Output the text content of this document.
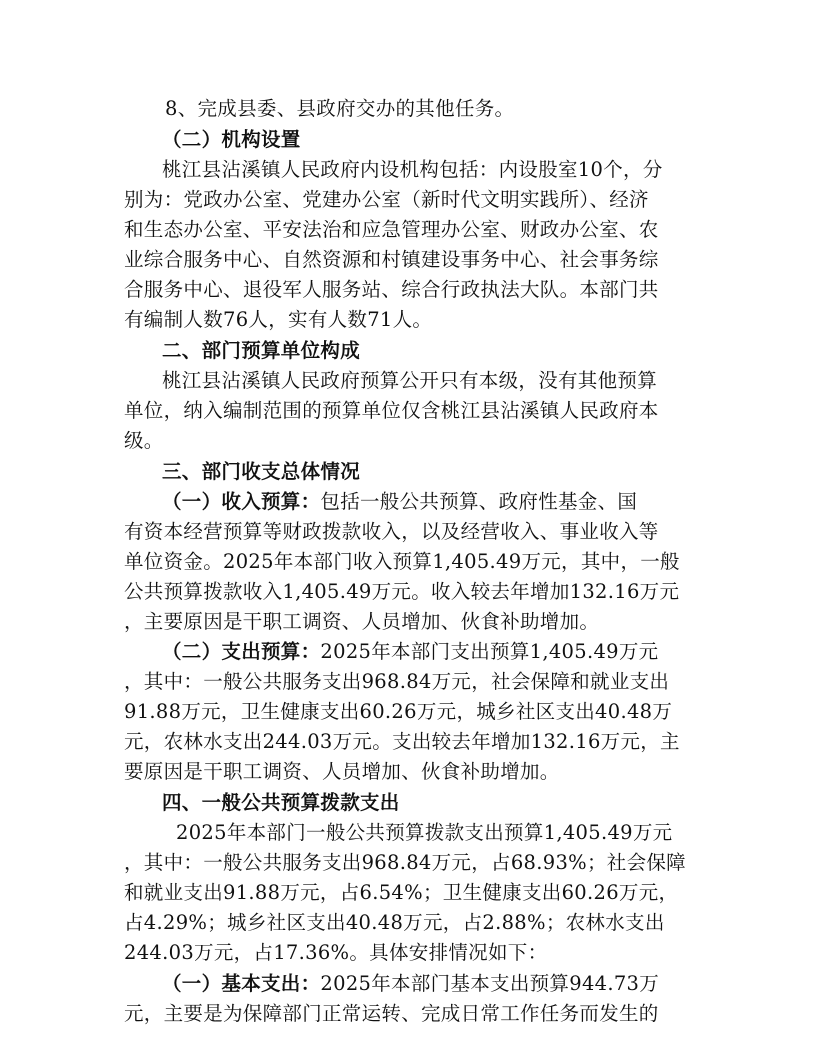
8、完成县委、县政府交办的其他任务。
（二）机构设置
桃江县沾溪镇人民政府内设机构包括：内设股室10个，分
别为：党政办公室、党建办公室（新时代文明实践所）、经济
和生态办公室、平安法治和应急管理办公室、财政办公室、农
业综合服务中心、自然资源和村镇建设事务中心、社会事务综
合服务中心、退役军人服务站、综合行政执法大队。本部门共
有编制人数76人，实有人数71人。
二、部门预算单位构成
桃江县沾溪镇人民政府预算公开只有本级，没有其他预算
单位，纳入编制范围的预算单位仅含桃江县沾溪镇人民政府本
级。
三、部门收支总体情况
（一）收入预算：包括一般公共预算、政府性基金、国
有资本经营预算等财政拨款收入，以及经营收入、事业收入等
单位资金。2025年本部门收入预算1,405.49万元，其中，一般
公共预算拨款收入1,405.49万元。收入较去年增加132.16万元
，主要原因是干职工调资、人员增加、伙食补助增加。
（二）支出预算：2025年本部门支出预算1,405.49万元
，其中：一般公共服务支出968.84万元，社会保障和就业支出
91.88万元，卫生健康支出60.26万元，城乡社区支出40.48万
元，农林水支出244.03万元。支出较去年增加132.16万元，主
要原因是干职工调资、人员增加、伙食补助增加。
四、一般公共预算拨款支出
2025年本部门一般公共预算拨款支出预算1,405.49万元
，其中：一般公共服务支出968.84万元，占68.93%；社会保障
和就业支出91.88万元，占6.54%；卫生健康支出60.26万元，
占4.29%；城乡社区支出40.48万元，占2.88%；农林水支出
244.03万元，占17.36%。具体安排情况如下：
（一）基本支出：2025年本部门基本支出预算944.73万
元，主要是为保障部门正常运转、完成日常工作任务而发生的
